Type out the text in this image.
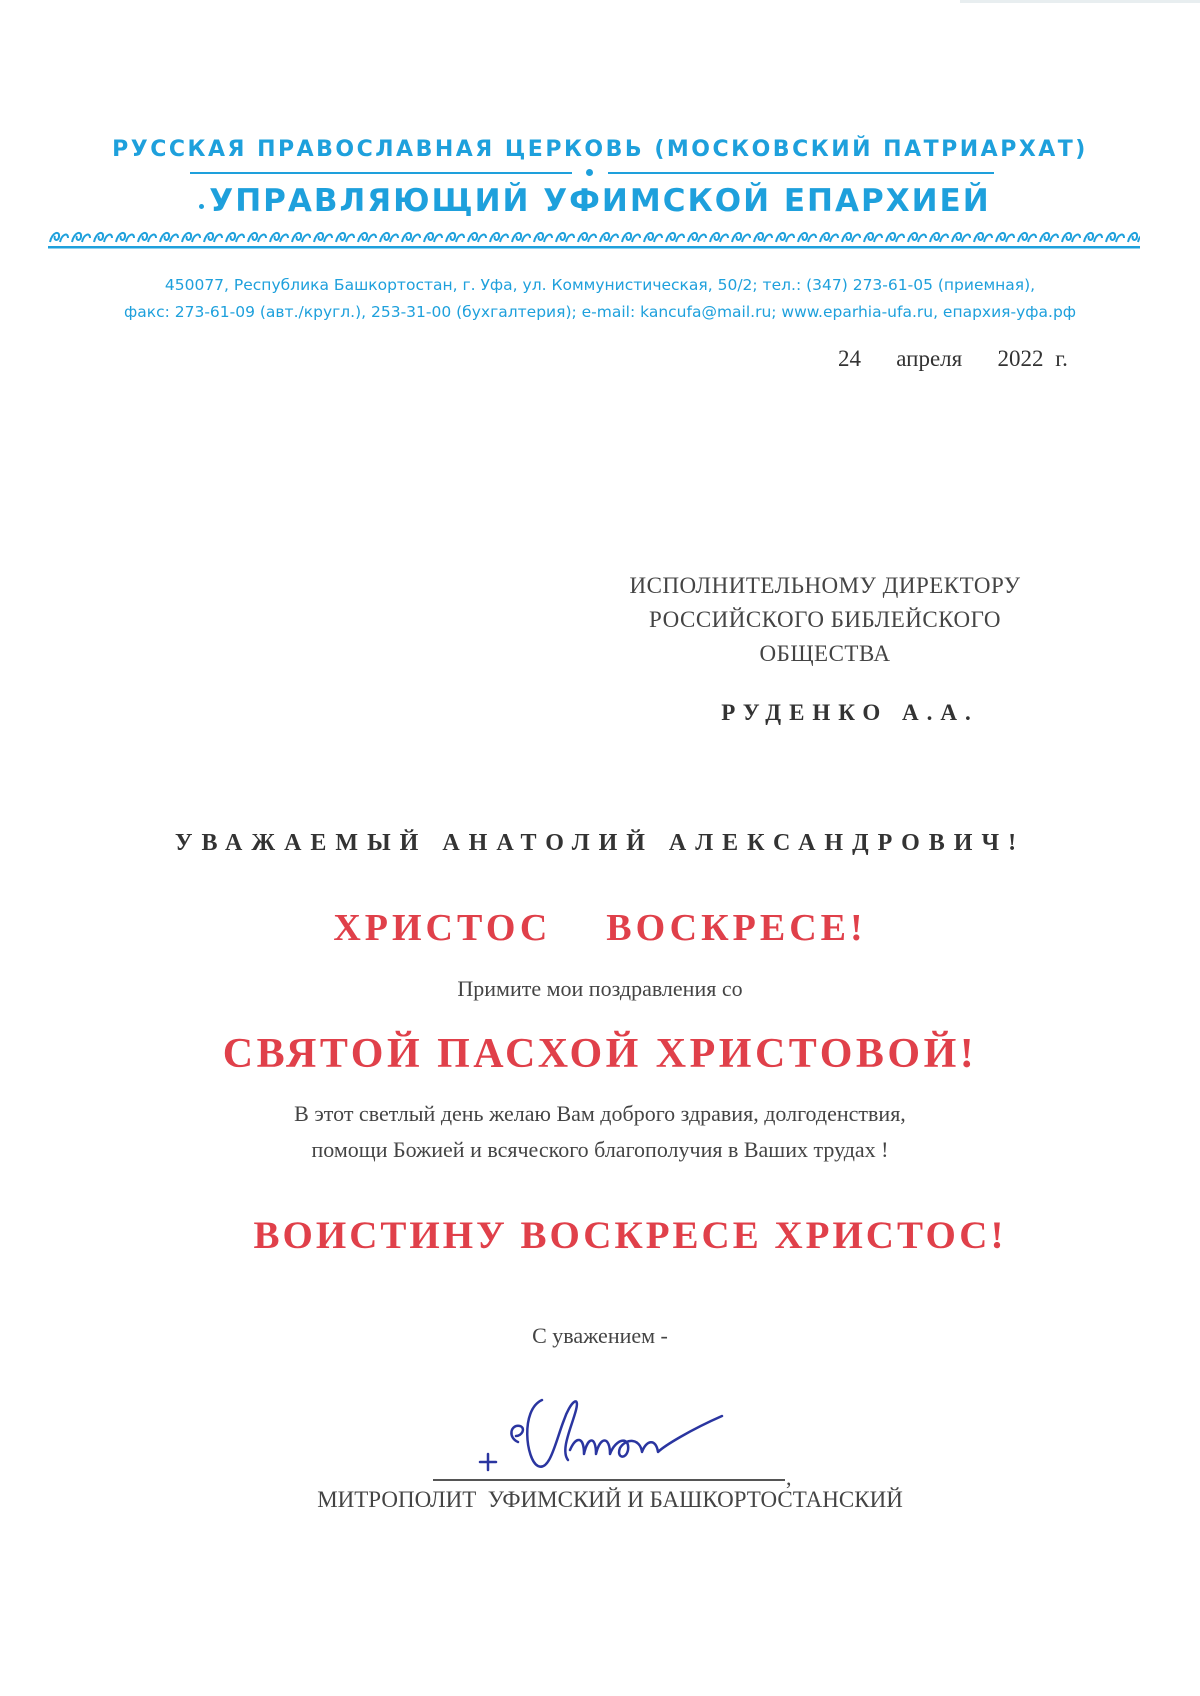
РУССКАЯ ПРАВОСЛАВНАЯ ЦЕРКОВЬ (МОСКОВСКИЙ ПАТРИАРХАТ)
УПРАВЛЯЮЩИЙ УФИМСКОЙ ЕПАРХИЕЙ
450077, Республика Башкортостан, г. Уфа, ул. Коммунистическая, 50/2; тел.: (347) 273-61-05 (приемная),
факс: 273-61-09 (авт./кругл.), 253-31-00 (бухгалтерия); e-mail: kancufa@mail.ru; www.eparhia-ufa.ru, епархия-уфа.рф
24   апреля   2022 г.
ИСПОЛНИТЕЛЬНОМУ ДИРЕКТОРУ
РОССИЙСКОГО БИБЛЕЙСКОГО
ОБЩЕСТВА
РУДЕНКО А.А.
УВАЖАЕМЫЙ АНАТОЛИЙ АЛЕКСАНДРОВИЧ!
ХРИСТОС  ВОСКРЕСЕ!
Примите мои поздравления со
СВЯТОЙ ПАСХОЙ ХРИСТОВОЙ!
В этот светлый день желаю Вам доброго здравия, долгоденствия,
помощи Божией и всяческого благополучия в Ваших трудах !
ВОИСТИНУ ВОСКРЕСЕ ХРИСТОС!
С уважением -
,
МИТРОПОЛИТ  УФИМСКИЙ И БАШКОРТОСТАНСКИЙ
